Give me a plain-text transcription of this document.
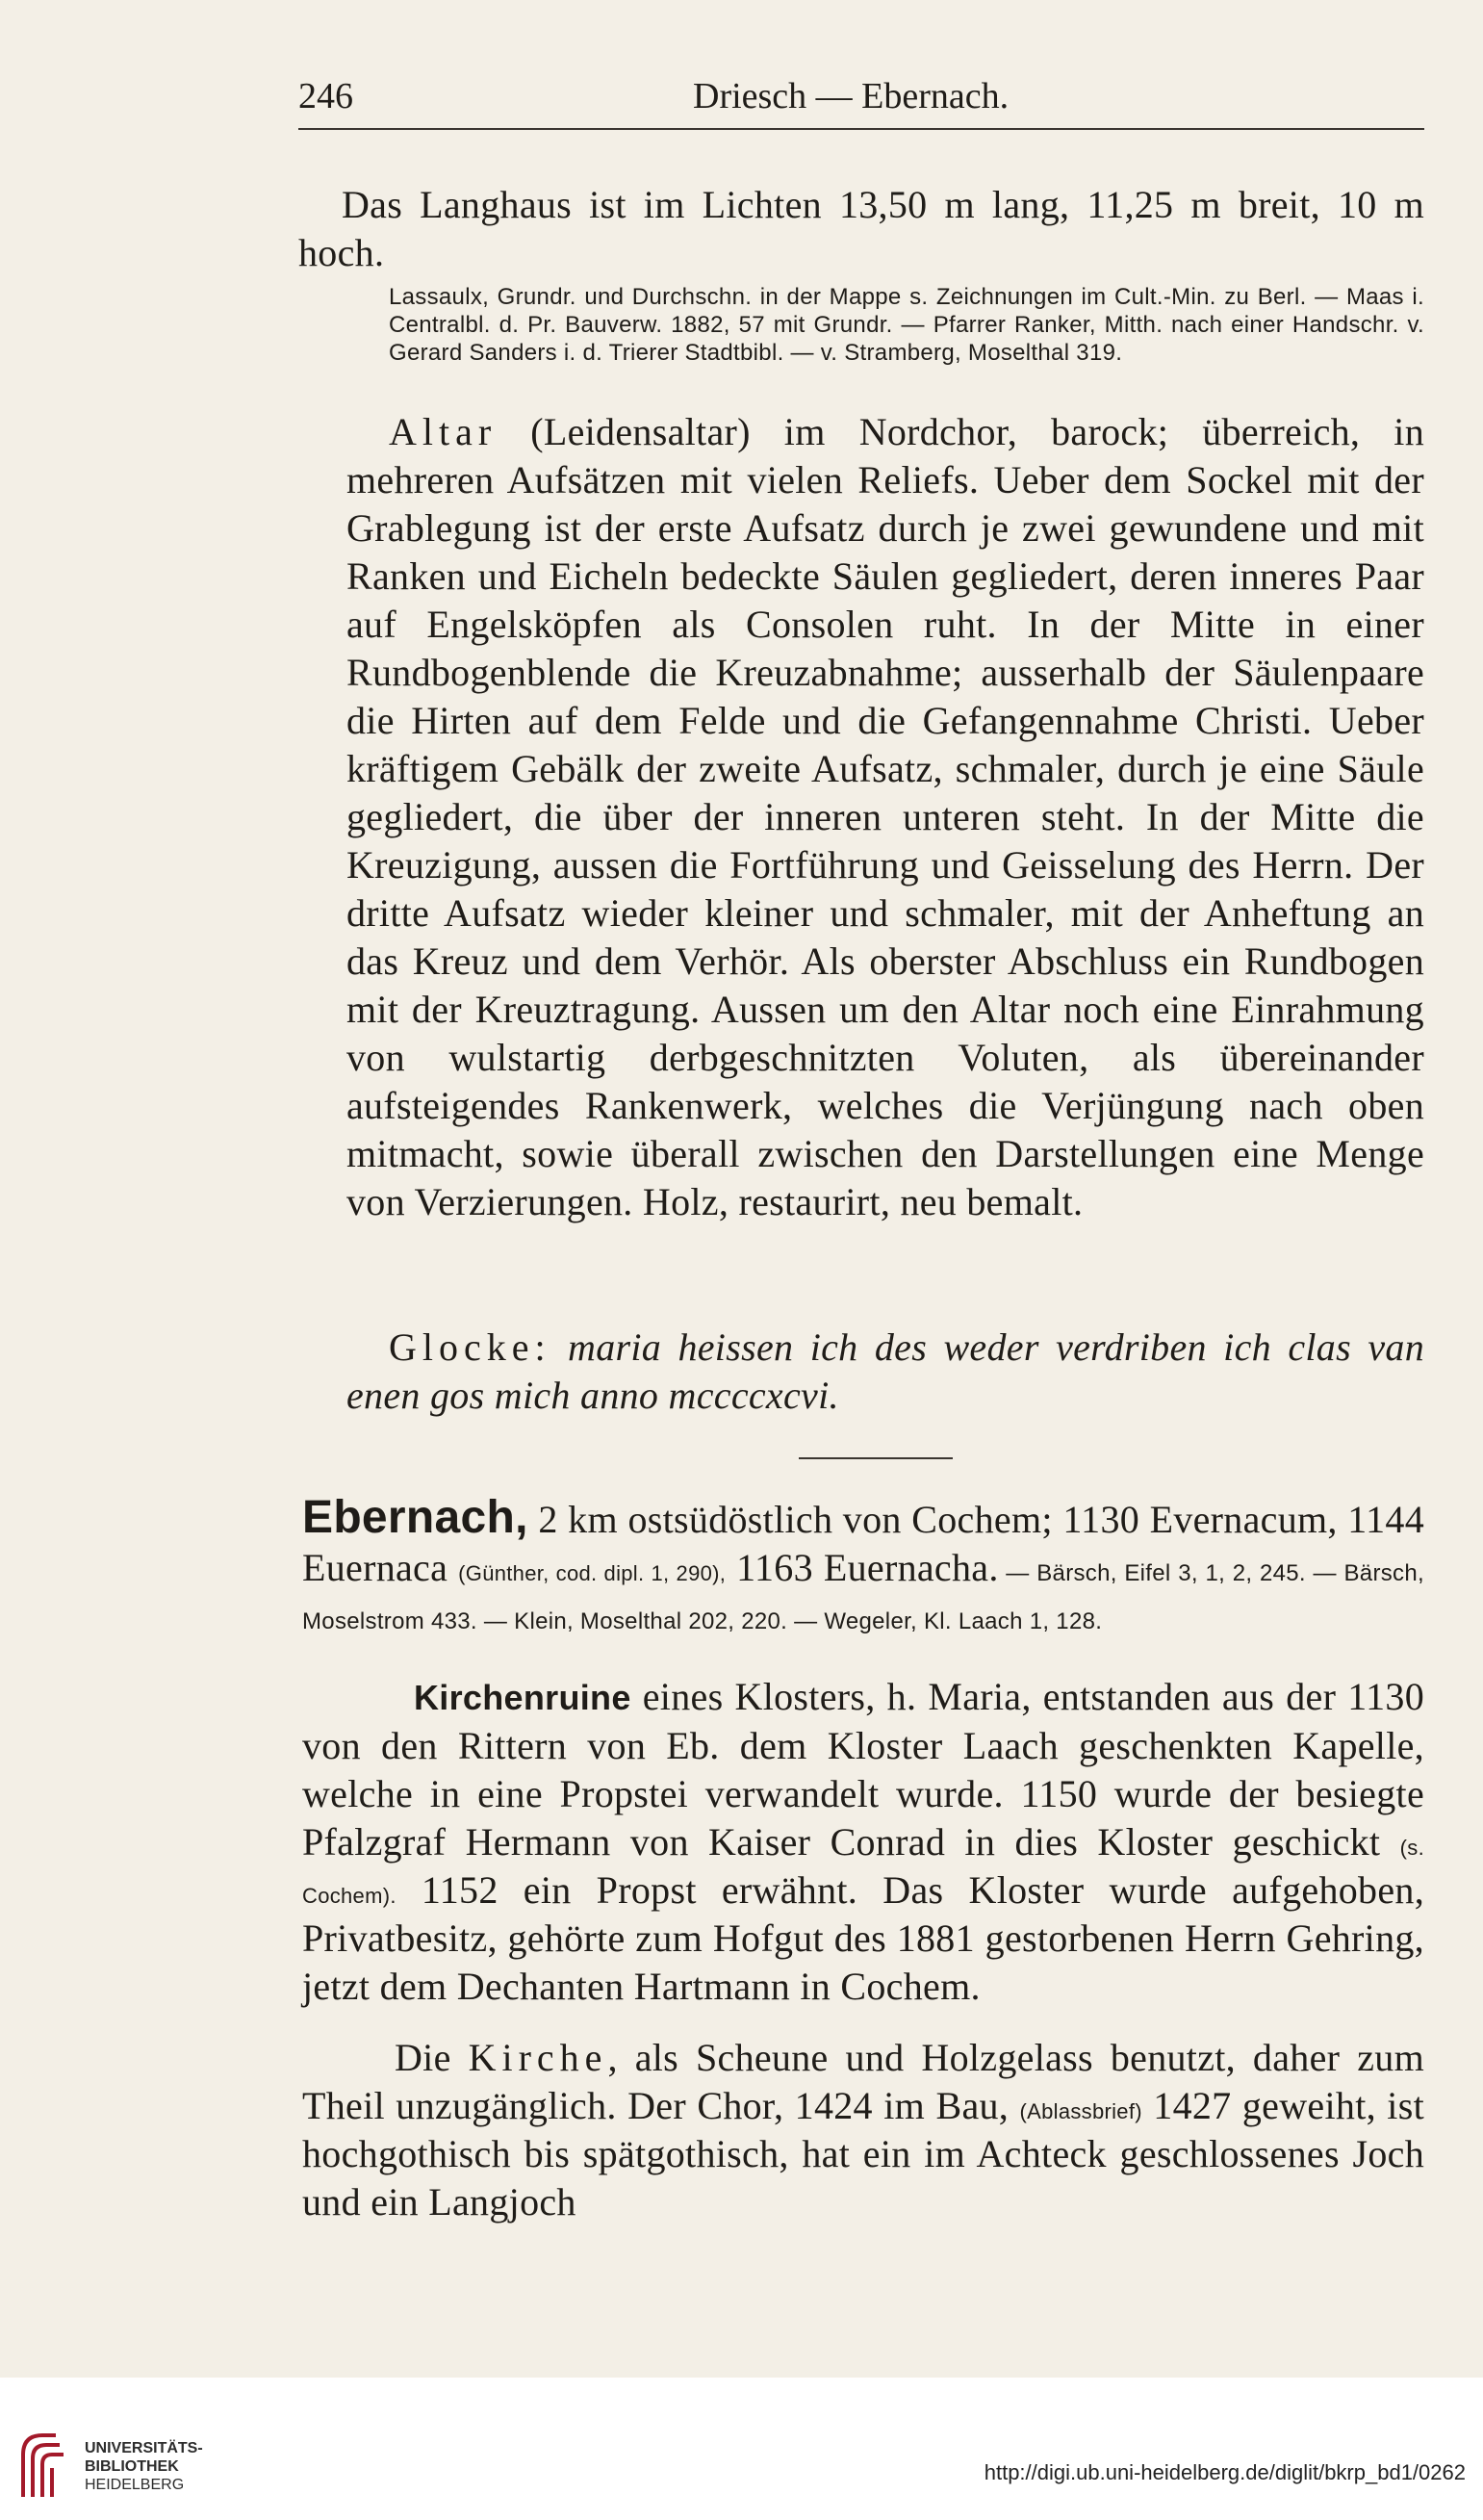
246	Driesch — Ebernach.

Das Langhaus ist im Lichten 13,50 m lang, 11,25 m breit, 10 m hoch.

Lassaulx, Grundr. und Durchschn. in der Mappe s. Zeichnungen im Cult.-Min. zu Berl. — Maas i. Centralbl. d. Pr. Bauverw. 1882, 57 mit Grundr. — Pfarrer Ranker, Mitth. nach einer Handschr. v. Gerard Sanders i. d. Trierer Stadtbibl. — v. Stramberg, Moselthal 319.

Altar (Leidensaltar) im Nordchor, barock; überreich, in mehreren Aufsätzen mit vielen Reliefs. Ueber dem Sockel mit der Grablegung ist der erste Aufsatz durch je zwei gewundene und mit Ranken und Eicheln bedeckte Säulen gegliedert, deren inneres Paar auf Engelsköpfen als Consolen ruht. In der Mitte in einer Rundbogenblende die Kreuzabnahme; ausserhalb der Säulenpaare die Hirten auf dem Felde und die Gefangennahme Christi. Ueber kräftigem Gebälk der zweite Aufsatz, schmaler, durch je eine Säule gegliedert, die über der inneren unteren steht. In der Mitte die Kreuzigung, aussen die Fortführung und Geisselung des Herrn. Der dritte Aufsatz wieder kleiner und schmaler, mit der Anheftung an das Kreuz und dem Verhör. Als oberster Abschluss ein Rundbogen mit der Kreuztragung. Aussen um den Altar noch eine Einrahmung von wulstartig derbgeschnitzten Voluten, als übereinander aufsteigendes Rankenwerk, welches die Verjüngung nach oben mitmacht, sowie überall zwischen den Darstellungen eine Menge von Verzierungen. Holz, restaurirt, neu bemalt.

Glocke: maria heissen ich des weder verdriben ich clas van enen gos mich anno mccccxcvi.

Ebernach, 2 km ostsüdöstlich von Cochem; 1130 Evernacum, 1144 Euernaca (Günther, cod. dipl. 1, 290), 1163 Euernacha. — Bärsch, Eifel 3, 1, 2, 245. — Bärsch, Moselstrom 433. — Klein, Moselthal 202, 220. — Wegeler, Kl. Laach 1, 128.

Kirchenruine eines Klosters, h. Maria, entstanden aus der 1130 von den Rittern von Eb. dem Kloster Laach geschenkten Kapelle, welche in eine Propstei verwandelt wurde. 1150 wurde der besiegte Pfalzgraf Hermann von Kaiser Conrad in dies Kloster geschickt (s. Cochem). 1152 ein Propst erwähnt. Das Kloster wurde aufgehoben, Privatbesitz, gehörte zum Hofgut des 1881 gestorbenen Herrn Gehring, jetzt dem Dechanten Hartmann in Cochem.

Die Kirche, als Scheune und Holzgelass benutzt, daher zum Theil unzugänglich. Der Chor, 1424 im Bau, (Ablassbrief) 1427 geweiht, ist hochgothisch bis spätgothisch, hat ein im Achteck geschlossenes Joch und ein Langjoch

UNIVERSITÄTS-
BIBLIOTHEK
HEIDELBERG
http://digi.ub.uni-heidelberg.de/diglit/bkrp_bd1/0262
